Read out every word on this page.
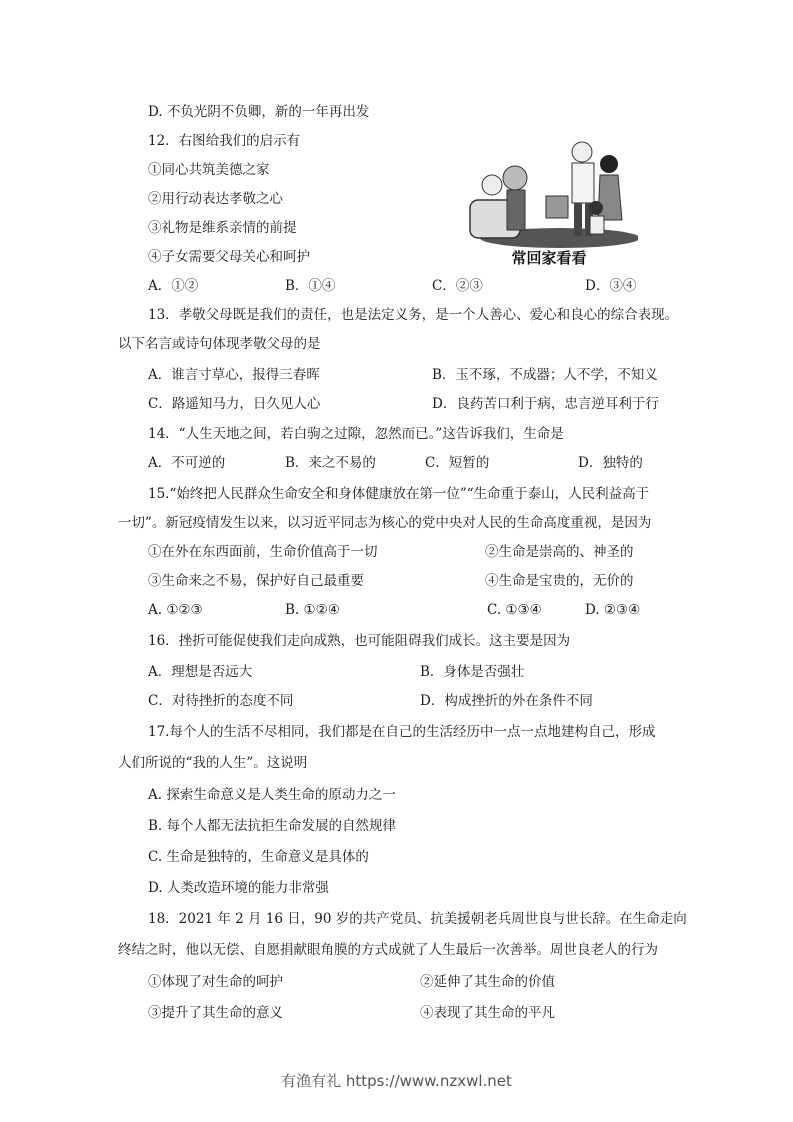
D. 不负光阴不负卿，新的一年再出发
12．右图给我们的启示有
①同心共筑美德之家
②用行动表达孝敬之心
③礼物是维系亲情的前提
④子女需要父母关心和呵护	常回家看看
A．①②	B．①④	C．②③	D．③④
13．孝敬父母既是我们的责任，也是法定义务，是一个人善心、爱心和良心的综合表现。
以下名言或诗句体现孝敬父母的是
A．谁言寸草心，报得三春晖	B．玉不琢，不成器；人不学，不知义
C．路遥知马力，日久见人心	D．良药苦口利于病，忠言逆耳利于行
14．“人生天地之间，若白驹之过隙，忽然而已。”这告诉我们，生命是
A．不可逆的	B．来之不易的	C．短暂的	D．独特的
15.“始终把人民群众生命安全和身体健康放在第一位”“生命重于泰山，人民利益高于
一切”。新冠疫情发生以来，以习近平同志为核心的党中央对人民的生命高度重视，是因为
①在外在东西面前，生命价值高于一切	②生命是崇高的、神圣的
③生命来之不易，保护好自己最重要	④生命是宝贵的，无价的
A. ①②③	B. ①②④	C. ①③④	D. ②③④
16．挫折可能促使我们走向成熟，也可能阻碍我们成长。这主要是因为
A．理想是否远大	B．身体是否强壮
C．对待挫折的态度不同	D．构成挫折的外在条件不同
17.每个人的生活不尽相同，我们都是在自己的生活经历中一点一点地建构自己，形成
人们所说的“我的人生”。这说明
A. 探索生命意义是人类生命的原动力之一
B. 每个人都无法抗拒生命发展的自然规律
C. 生命是独特的，生命意义是具体的
D. 人类改造环境的能力非常强
18．2021 年 2 月 16 日，90 岁的共产党员、抗美援朝老兵周世良与世长辞。在生命走向
终结之时，他以无偿、自愿捐献眼角膜的方式成就了人生最后一次善举。周世良老人的行为
①体现了对生命的呵护	②延伸了其生命的价值
③提升了其生命的意义	④表现了其生命的平凡
有渔有礼 https://www.nzxwl.net
